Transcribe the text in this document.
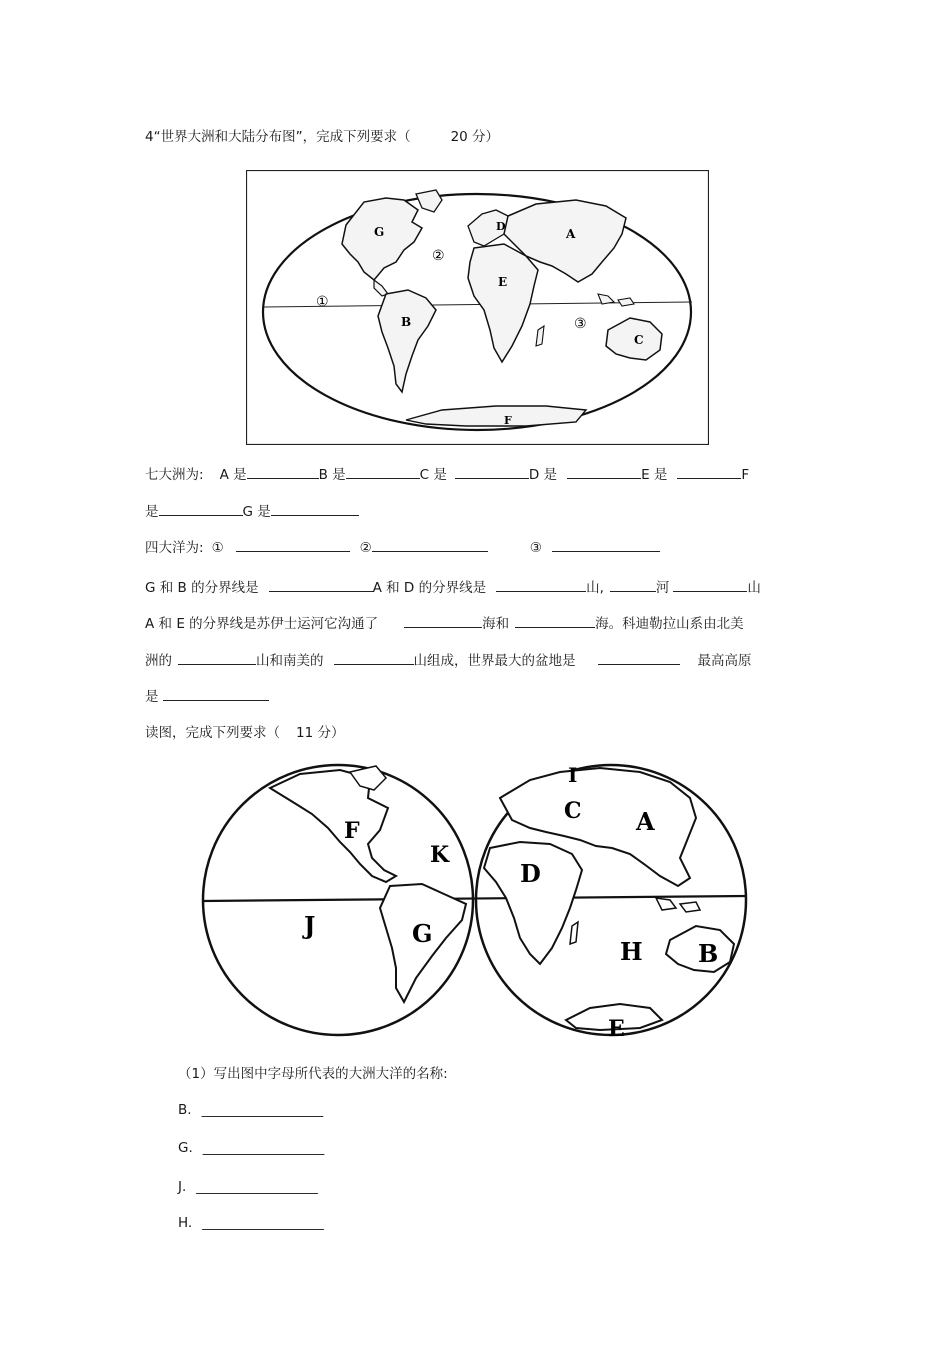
4“世界大洲和大陆分布图”，完成下列要求（	20 分）
G	A
D
E
B
C
F
①
②
③
七大洲为: A 是	B 是	C 是	D 是	E 是	F
是	G 是
四大洋为: ①	②	③
G 和 B 的分界线是	A 和 D 的分界线是	山,	河	山
A 和 E 的分界线是苏伊士运河它沟通了	海和	海。科迪勒拉山系由北美
洲的	山和南美的	山组成，世界最大的盆地是	最高高原
是
读图，完成下列要求（ 11 分）
F
K
J	G
I
C A
D
H B
E
（1）写出图中字母所代表的大洲大洋的名称:
B. __________________
G. __________________
J. __________________
H. __________________
